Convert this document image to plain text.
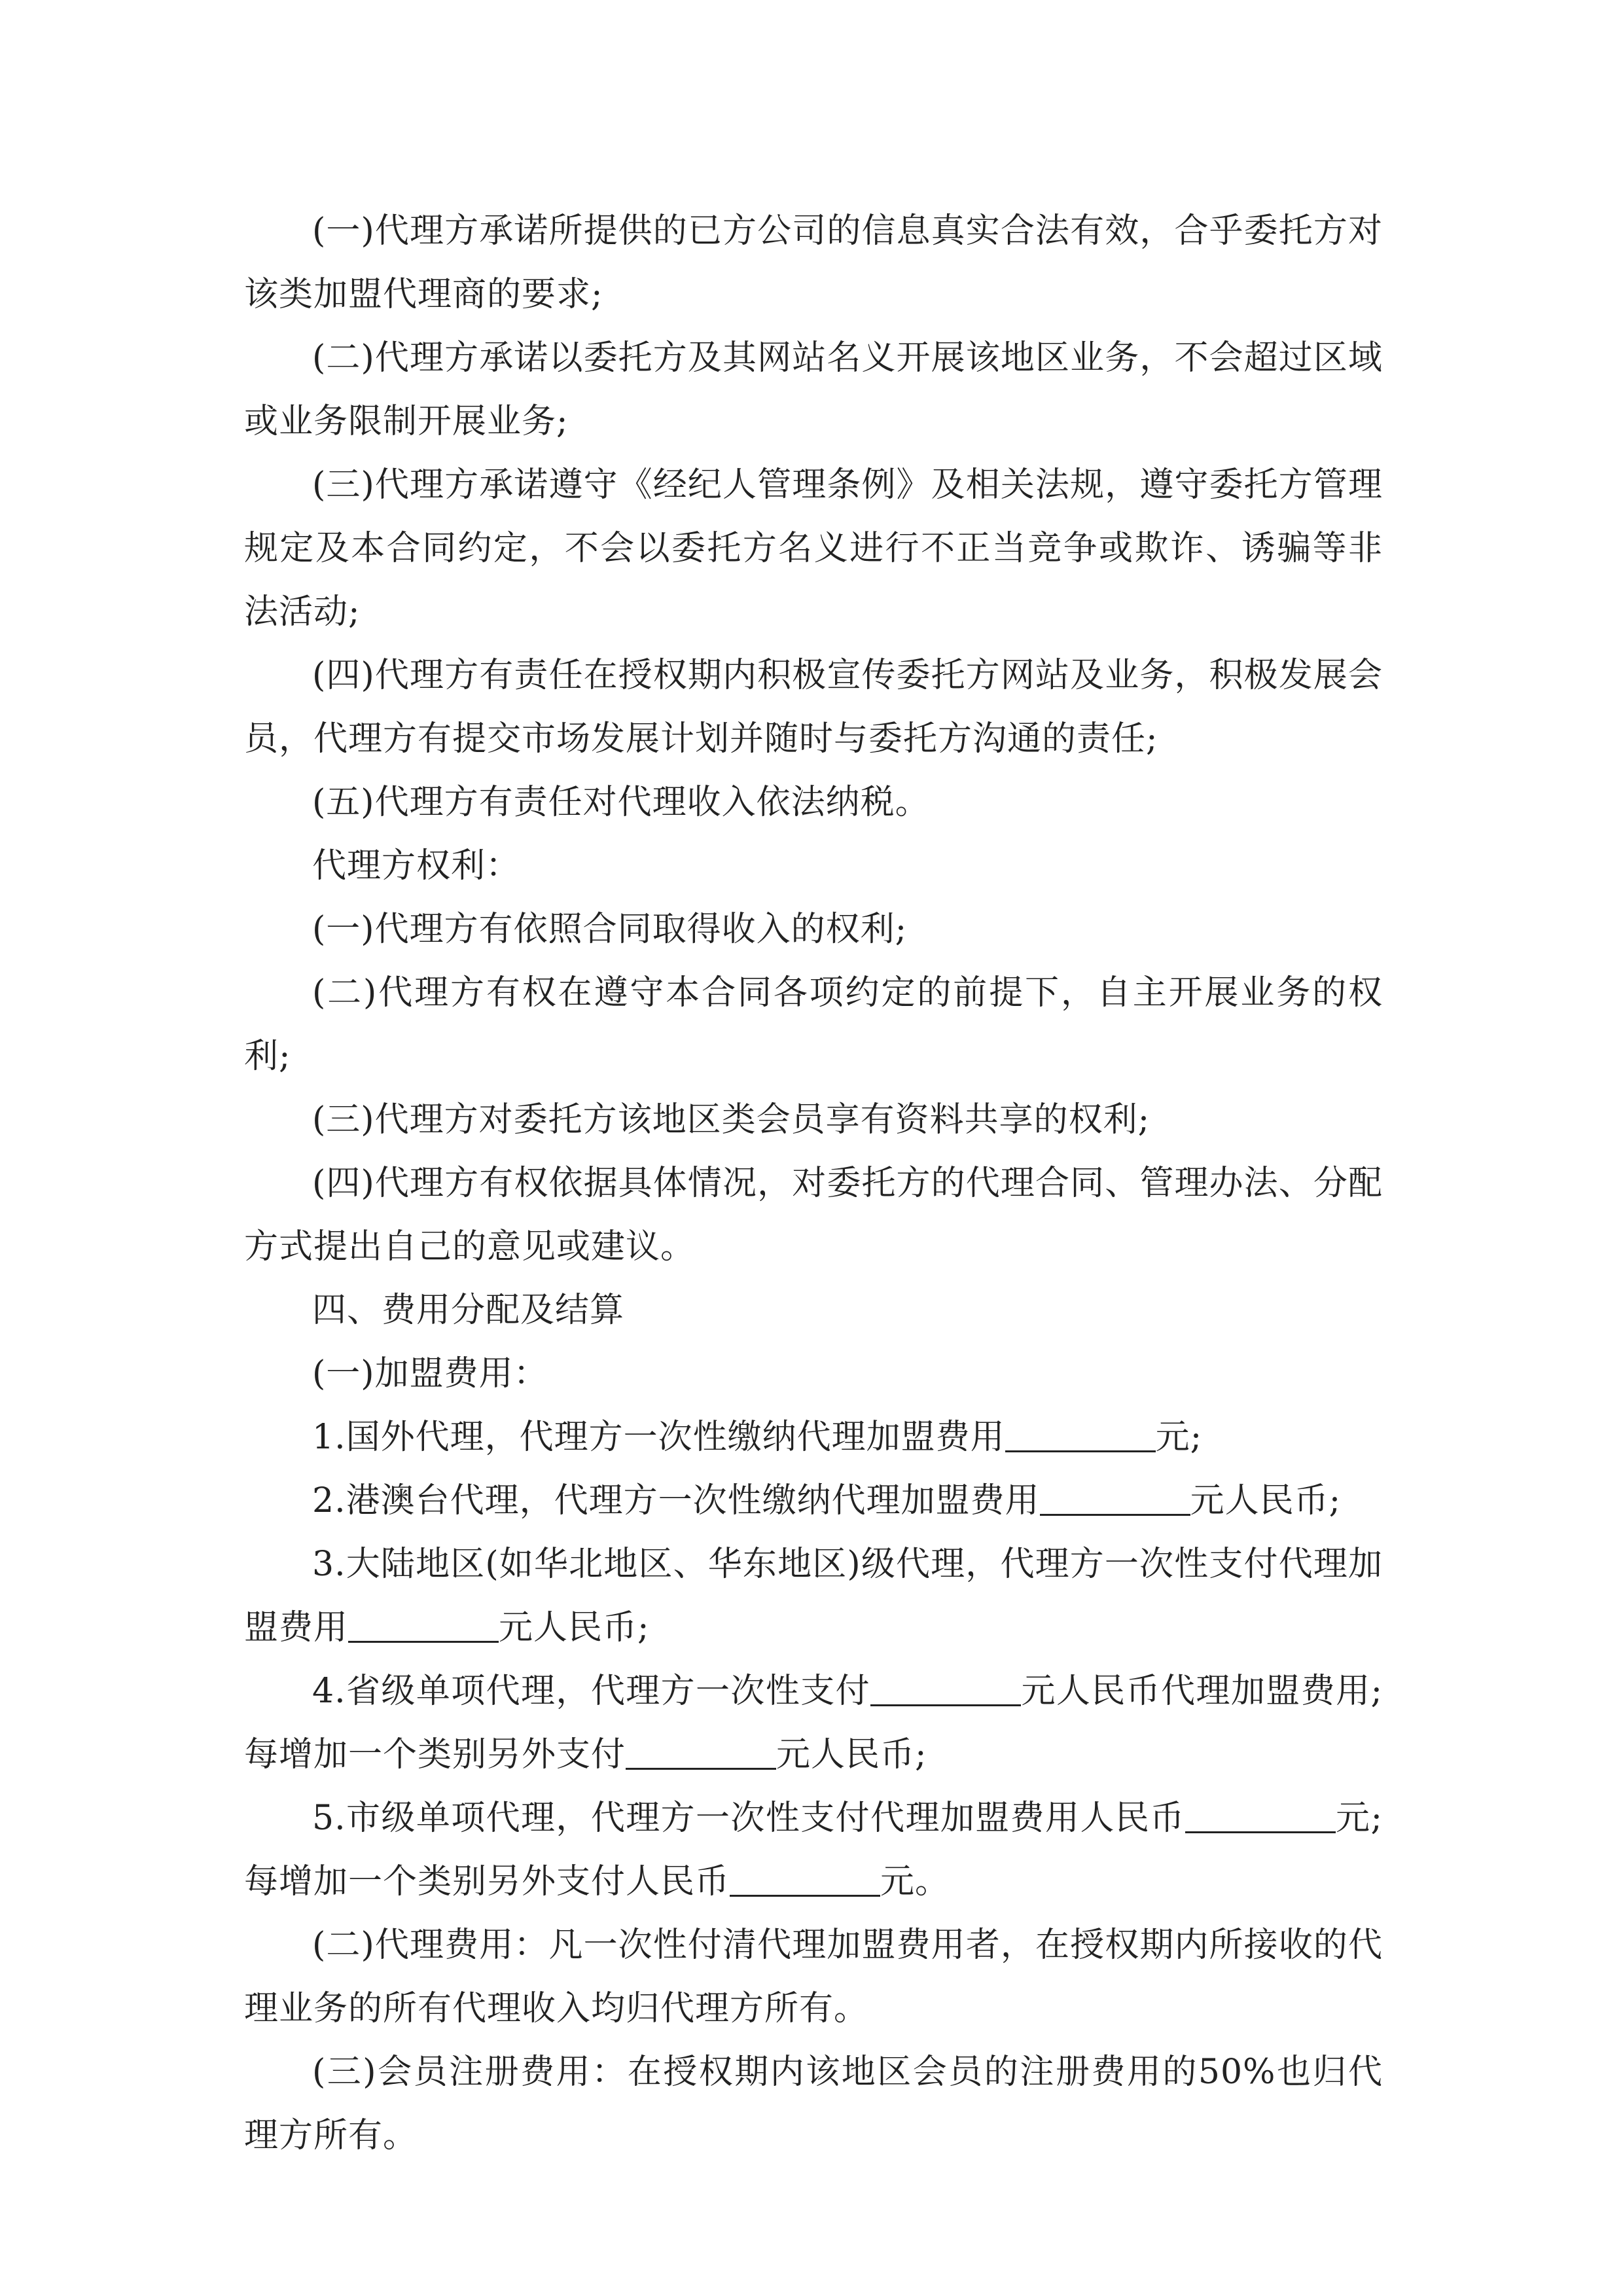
(一)代理方承诺所提供的已方公司的信息真实合法有效，合乎委托方对该类加盟代理商的要求;

(二)代理方承诺以委托方及其网站名义开展该地区业务，不会超过区域或业务限制开展业务;

(三)代理方承诺遵守《经纪人管理条例》及相关法规，遵守委托方管理规定及本合同约定，不会以委托方名义进行不正当竞争或欺诈、诱骗等非法活动;

(四)代理方有责任在授权期内积极宣传委托方网站及业务，积极发展会员，代理方有提交市场发展计划并随时与委托方沟通的责任;

(五)代理方有责任对代理收入依法纳税。

代理方权利：

(一)代理方有依照合同取得收入的权利;

(二)代理方有权在遵守本合同各项约定的前提下，自主开展业务的权利;

(三)代理方对委托方该地区类会员享有资料共享的权利;

(四)代理方有权依据具体情况，对委托方的代理合同、管理办法、分配方式提出自己的意见或建议。

四、费用分配及结算

(一)加盟费用：

1.国外代理，代理方一次性缴纳代理加盟费用	元;

2.港澳台代理，代理方一次性缴纳代理加盟费用	元人民币;

3.大陆地区(如华北地区、华东地区)级代理，代理方一次性支付代理加盟费用	元人民币;

4.省级单项代理，代理方一次性支付	元人民币代理加盟费用;每增加一个类别另外支付	元人民币;

5.市级单项代理，代理方一次性支付代理加盟费用人民币	元;每增加一个类别另外支付人民币	元。

(二)代理费用：凡一次性付清代理加盟费用者，在授权期内所接收的代理业务的所有代理收入均归代理方所有。

(三)会员注册费用：在授权期内该地区会员的注册费用的50%也归代理方所有。
